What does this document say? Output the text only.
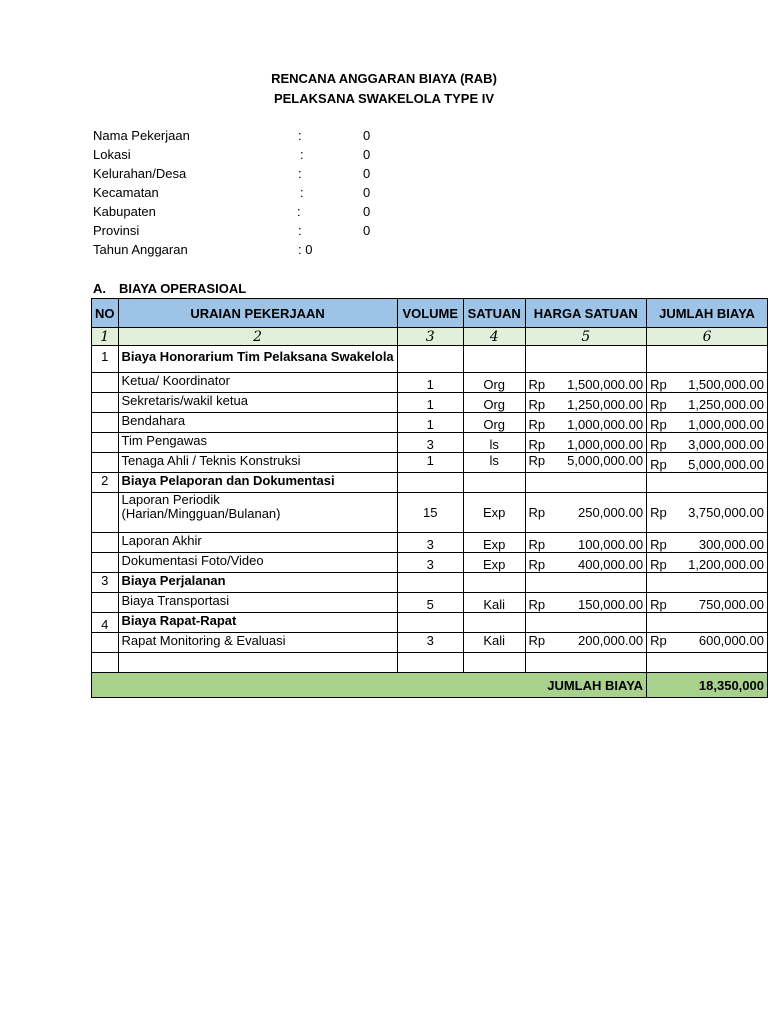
RENCANA ANGGARAN BIAYA (RAB)
PELAKSANA SWAKELOLA TYPE IV
Nama Pekerjaan	:	0
Lokasi	:	0
Kelurahan/Desa	:	0
Kecamatan	:	0
Kabupaten	:	0
Provinsi	:	0
Tahun Anggaran	: 0
A. BIAYA OPERASIOAL
NO	URAIAN PEKERJAAN	VOLUME	SATUAN	HARGA SATUAN	JUMLAH BIAYA
1	2	3	4	5	6
1	Biaya Honorarium Tim Pelaksana Swakelola				
	Ketua/ Koordinator	1	Org	Rp 1,500,000.00	Rp 1,500,000.00

	Sekretaris/wakil ketua	1	Org	Rp 1,250,000.00	Rp 1,250,000.00

	Bendahara	1	Org	Rp 1,000,000.00	Rp 1,000,000.00

	Tim Pengawas	3	ls	Rp 1,000,000.00	Rp 3,000,000.00

	Tenaga Ahli / Teknis Konstruksi	1	ls	Rp 5,000,000.00	Rp 5,000,000.00

2	Biaya Pelaporan dan Dokumentasi				

	Laporan Periodik
(Harian/Mingguan/Bulanan)	15	Exp	Rp 250,000.00	Rp 3,750,000.00

	Laporan Akhir	3	Exp	Rp 100,000.00	Rp 300,000.00

	Dokumentasi Foto/Video	3	Exp	Rp 400,000.00	Rp 1,200,000.00

3	Biaya Perjalanan				
	Biaya Transportasi	5	Kali	Rp 150,000.00	Rp 750,000.00

4	Biaya Rapat-Rapat				
	Rapat Monitoring & Evaluasi	3	Kali	Rp 200,000.00	Rp 600,000.00

JUMLAH BIAYA					18,350,000
